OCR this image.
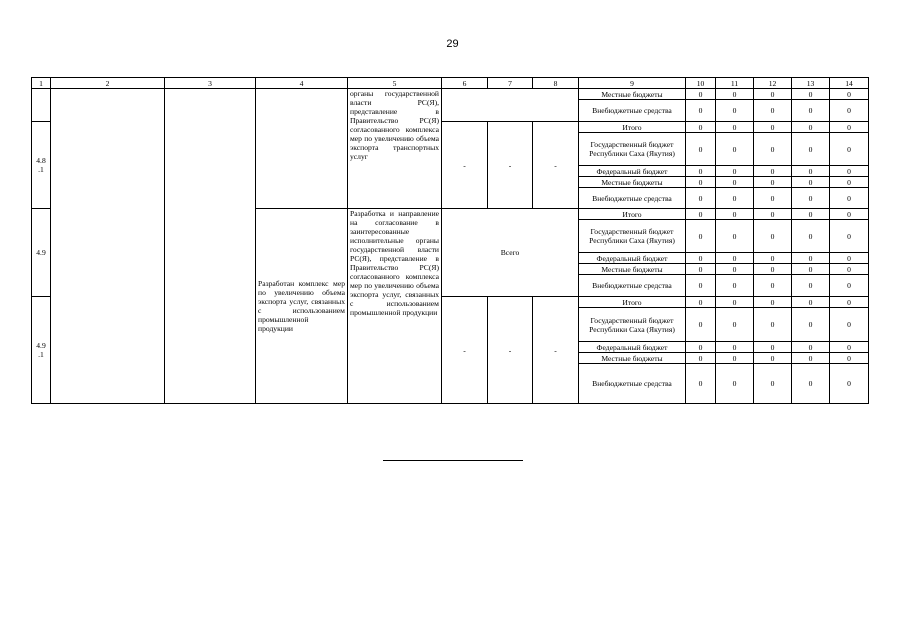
29
1	2	3	4	5	6	7	8	9	10	11	12	13	14
				органы государственной власти РС(Я), представление в Правительство РС(Я) согласованного комплекса мер по увеличению объема экспорта транспортных услуг				Местные бюджеты	0	0	0	0	0
								Внебюджетные средства	0	0	0	0	0
4.8 .1					-	-	-	Итого	0	0	0	0	0
								Государственный бюджет Республики Саха (Якутия)	0	0	0	0	0
								Федеральный бюджет	0	0	0	0	0
								Местные бюджеты	0	0	0	0	0
								Внебюджетные средства	0	0	0	0	0
4.9			Разработан комплекс мер по увеличению объема экспорта услуг, связанных с использованием промышленной продукции	Разработка и направление на согласование в заинтересованные исполнительные органы государственной власти РС(Я), представление в Правительство РС(Я) согласованного комплекса мер по увеличению объема экспорта услуг, связанных с использованием промышленной продукции	Всего			Итого	0	0	0	0	0
								Государственный бюджет Республики Саха (Якутия)	0	0	0	0	0
								Федеральный бюджет	0	0	0	0	0
								Местные бюджеты	0	0	0	0	0
								Внебюджетные средства	0	0	0	0	0
4.9 .1					-	-	-	Итого	0	0	0	0	0
								Государственный бюджет Республики Саха (Якутия)	0	0	0	0	0
								Федеральный бюджет	0	0	0	0	0
								Местные бюджеты	0	0	0	0	0
								Внебюджетные средства	0	0	0	0	0
